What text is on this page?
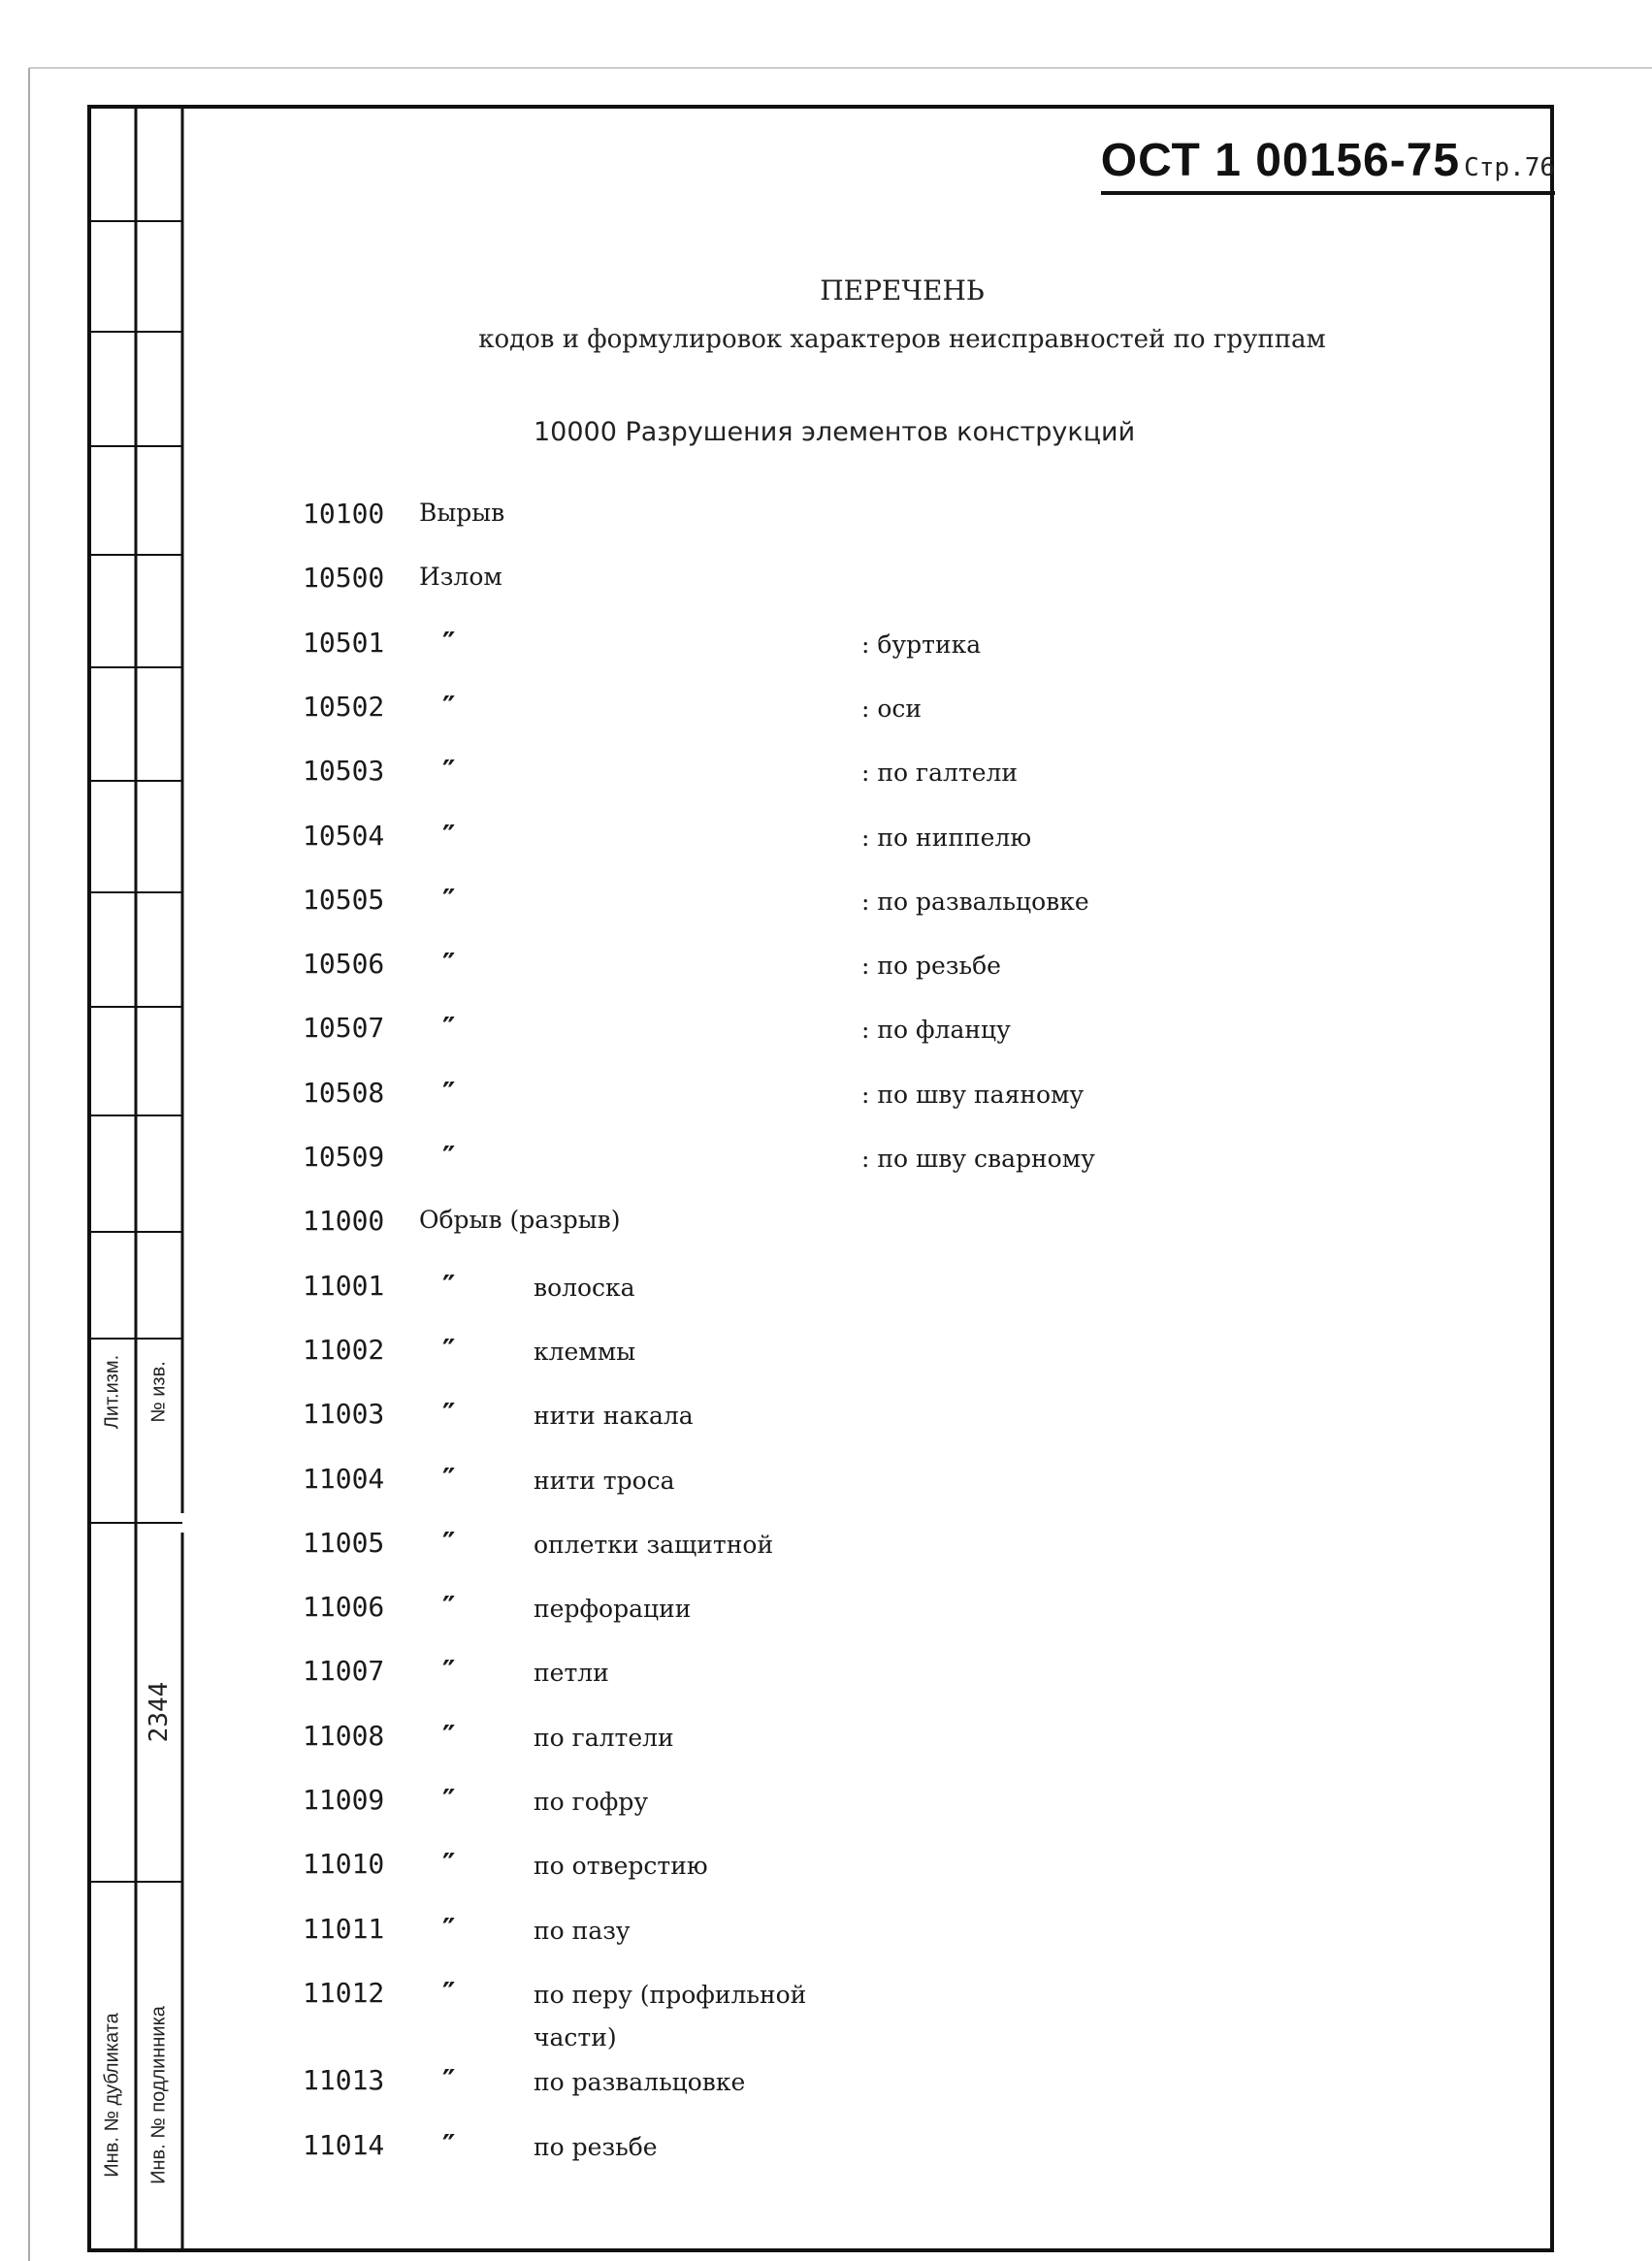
Лит.изм. № изв.
2344
Инв. № дубликата Инв. № подлинника
ОСТ 1 00156-75 Стр.76
ПЕРЕЧЕНЬ
кодов и формулировок характеров неисправностей по группам
10000 Разрушения элементов конструкций
10100 Вырыв
10500 Излом
10501 ″	: буртика
10502 ″	: оси
10503 ″	: по галтели
10504 ″	: по ниппелю
10505 ″	: по развальцовке
10506 ″	: по резьбе
10507 ″	: по фланцу
10508 ″	: по шву паяному
10509 ″	: по шву сварному
11000 Обрыв (разрыв)
11001 ″	волоска
11002 ″	клеммы
11003 ″	нити накала
11004 ″	нити троса
11005 ″	оплетки защитной
11006 ″	перфорации
11007 ″	петли
11008 ″	по галтели
11009 ″	по гофру
11010 ″	по отверстию
11011 ″	по пазу
11012 ″	по перу (профильной
части)
11013 ″	по развальцовке
11014 ″	по резьбе
